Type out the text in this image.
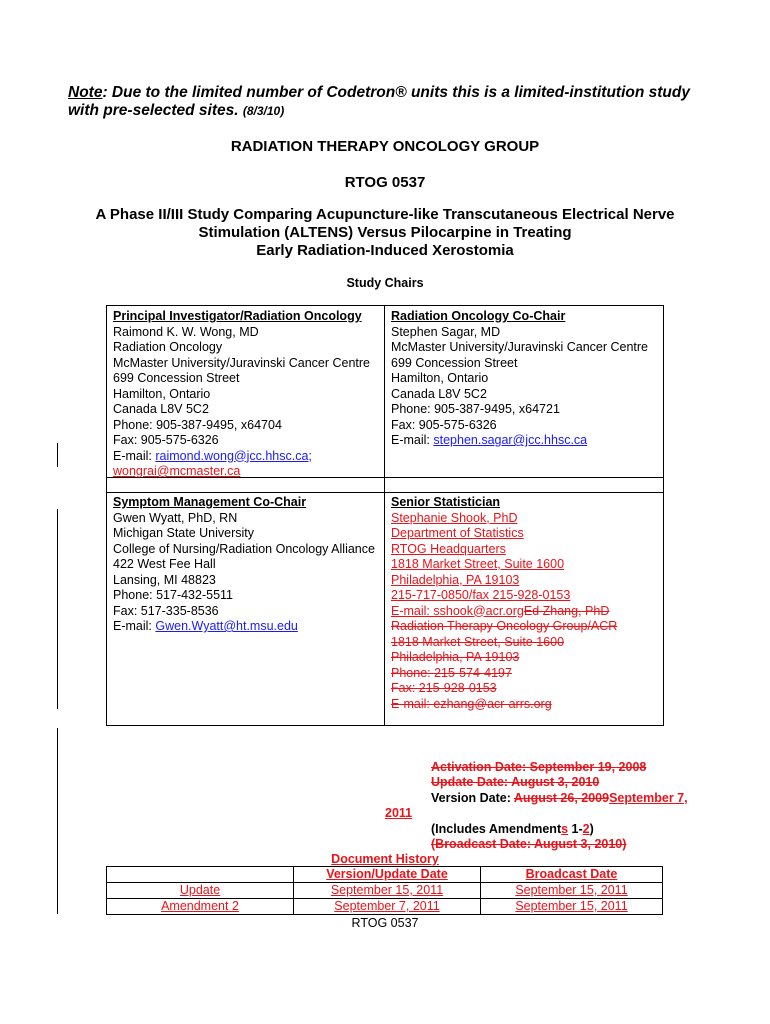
Note: Due to the limited number of Codetron® units this is a limited-institution study
with pre-selected sites. (8/3/10)
RADIATION THERAPY ONCOLOGY GROUP
RTOG 0537
A Phase II/III Study Comparing Acupuncture-like Transcutaneous Electrical Nerve
Stimulation (ALTENS) Versus Pilocarpine in Treating
Early Radiation-Induced Xerostomia
Study Chairs
Principal Investigator/Radiation Oncology
Raimond K. W. Wong, MD
Radiation Oncology
McMaster University/Juravinski Cancer Centre
699 Concession Street
Hamilton, Ontario
Canada L8V 5C2
Phone: 905-387-9495, x64704
Fax: 905-575-6326
E-mail: raimond.wong@jcc.hhsc.ca;
wongrai@mcmaster.ca
Radiation Oncology Co-Chair
Stephen Sagar, MD
McMaster University/Juravinski Cancer Centre
699 Concession Street
Hamilton, Ontario
Canada L8V 5C2
Phone: 905-387-9495, x64721
Fax: 905-575-6326
E-mail: stephen.sagar@jcc.hhsc.ca
Symptom Management Co-Chair
Gwen Wyatt, PhD, RN
Michigan State University
College of Nursing/Radiation Oncology Alliance
422 West Fee Hall
Lansing, MI 48823
Phone: 517-432-5511
Fax: 517-335-8536
E-mail: Gwen.Wyatt@ht.msu.edu
Senior Statistician
Stephanie Shook, PhD
Department of Statistics
RTOG Headquarters
1818 Market Street, Suite 1600
Philadelphia, PA 19103
215-717-0850/fax 215-928-0153
E-mail: sshook@acr.orgEd Zhang, PhD
Radiation Therapy Oncology Group/ACR
1818 Market Street, Suite 1600
Philadelphia, PA 19103
Phone: 215-574-4197
Fax: 215-928-0153
E-mail: ezhang@acr-arrs.org
Activation Date: September 19, 2008
Update Date: August 3, 2010
Version Date: August 26, 2009September 7,
2011
(Includes Amendments 1-2)
(Broadcast Date: August 3, 2010)
Document History
	Version/Update Date	Broadcast Date
Update	September 15, 2011	September 15, 2011
Amendment 2	September 7, 2011	September 15, 2011
RTOG 0537
